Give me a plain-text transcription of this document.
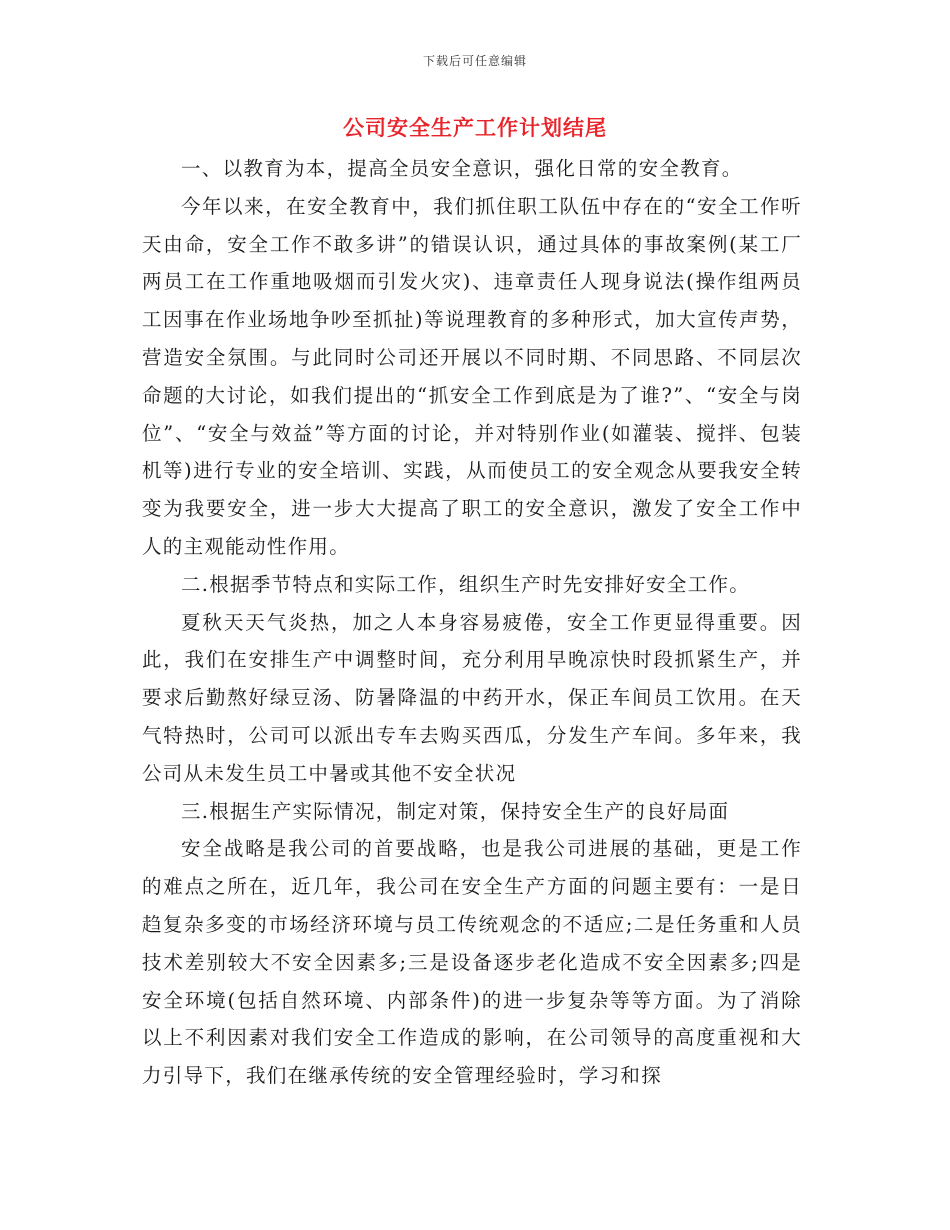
下载后可任意编辑
公司安全生产工作计划结尾

一、以教育为本，提高全员安全意识，强化日常的安全教育。

今年以来，在安全教育中，我们抓住职工队伍中存在的“安全工作听天由命，安全工作不敢多讲”的错误认识，通过具体的事故案例(某工厂两员工在工作重地吸烟而引发火灾)、违章责任人现身说法(操作组两员工因事在作业场地争吵至抓扯)等说理教育的多种形式，加大宣传声势，营造安全氛围。与此同时公司还开展以不同时期、不同思路、不同层次命题的大讨论，如我们提出的“抓安全工作到底是为了谁?”、“安全与岗位”、“安全与效益”等方面的讨论，并对特别作业(如灌装、搅拌、包装机等)进行专业的安全培训、实践，从而使员工的安全观念从要我安全转变为我要安全，进一步大大提高了职工的安全意识，激发了安全工作中人的主观能动性作用。

二.根据季节特点和实际工作，组织生产时先安排好安全工作。

夏秋天天气炎热，加之人本身容易疲倦，安全工作更显得重要。因此，我们在安排生产中调整时间，充分利用早晚凉快时段抓紧生产，并要求后勤熬好绿豆汤、防暑降温的中药开水，保正车间员工饮用。在天气特热时，公司可以派出专车去购买西瓜，分发生产车间。多年来，我公司从未发生员工中暑或其他不安全状况

三.根据生产实际情况，制定对策，保持安全生产的良好局面

安全战略是我公司的首要战略，也是我公司进展的基础，更是工作的难点之所在，近几年，我公司在安全生产方面的问题主要有：一是日趋复杂多变的市场经济环境与员工传统观念的不适应;二是任务重和人员技术差别较大不安全因素多;三是设备逐步老化造成不安全因素多;四是安全环境(包括自然环境、内部条件)的进一步复杂等等方面。为了消除以上不利因素对我们安全工作造成的影响，在公司领导的高度重视和大力引导下，我们在继承传统的安全管理经验时，学习和探
